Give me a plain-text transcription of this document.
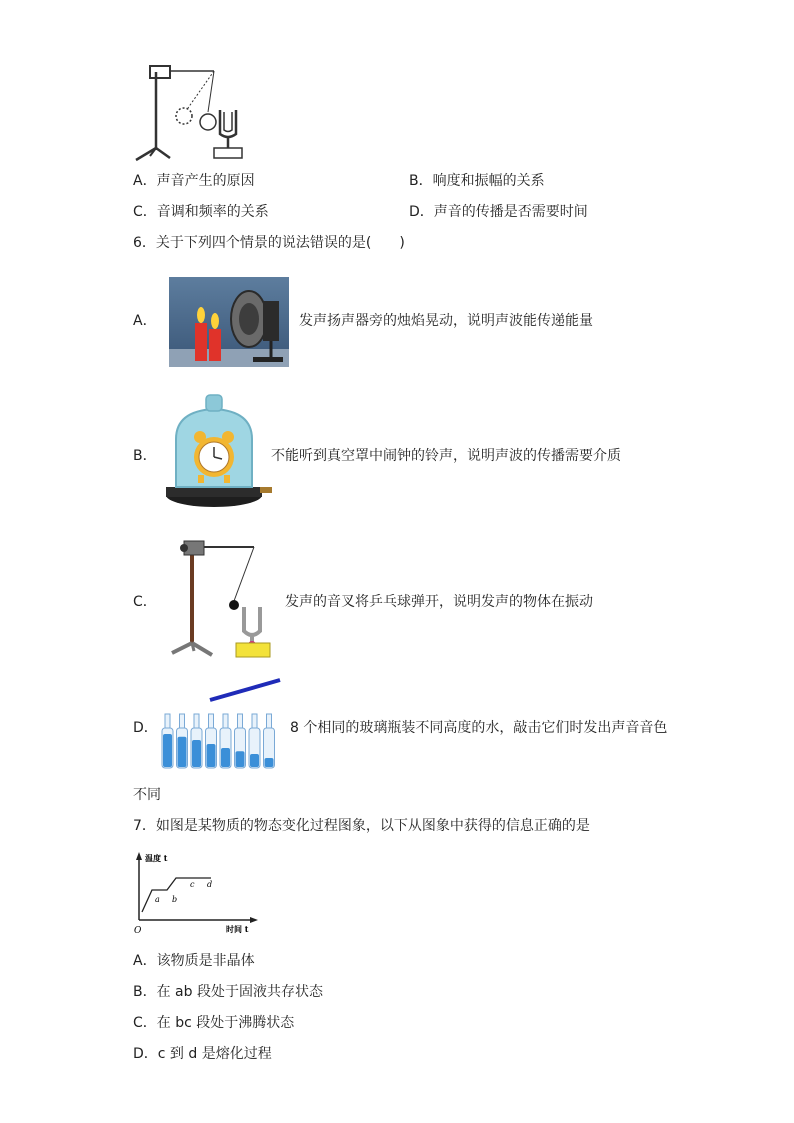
A．声音产生的原因	B．响度和振幅的关系
C．音调和频率的关系	D．声音的传播是否需要时间
6．关于下列四个情景的说法错误的是(　　)
A．	发声扬声器旁的烛焰晃动，说明声波能传递能量
B．	不能听到真空罩中闹钟的铃声，说明声波的传播需要介质
C．	发声的音叉将乒乓球弹开，说明发声的物体在振动
D．	8 个相同的玻璃瓶装不同高度的水，敲击它们时发出声音音色
不同
7．如图是某物质的物态变化过程图象，以下从图象中获得的信息正确的是
温度 t
时间 t
O
a b
c d
A．该物质是非晶体
B．在 ab 段处于固液共存状态
C．在 bc 段处于沸腾状态
D．c 到 d 是熔化过程
